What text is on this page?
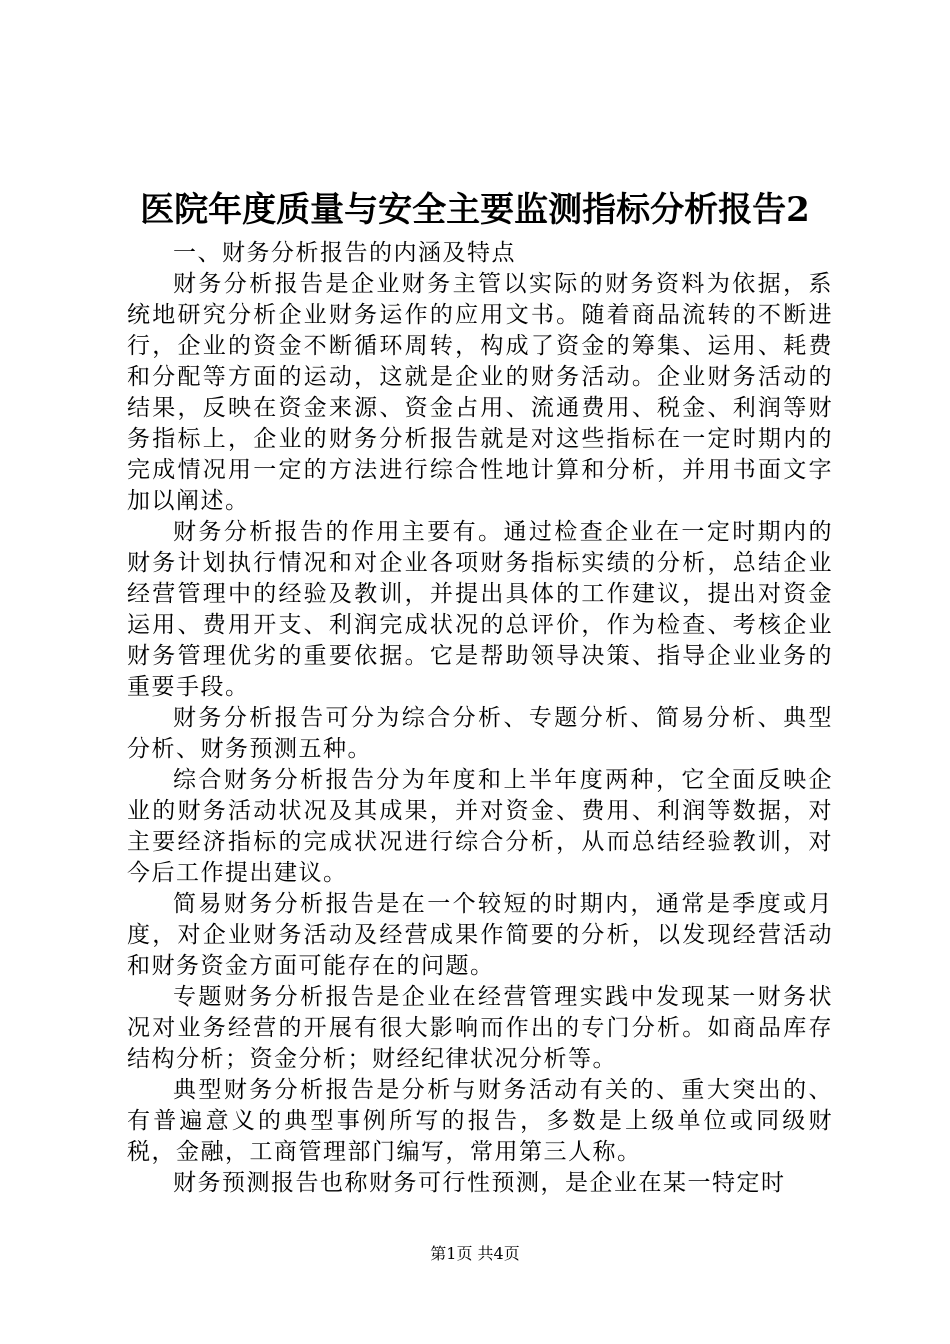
医院年度质量与安全主要监测指标分析报告2

一、财务分析报告的内涵及特点

财务分析报告是企业财务主管以实际的财务资料为依据，系统地研究分析企业财务运作的应用文书。随着商品流转的不断进行，企业的资金不断循环周转，构成了资金的筹集、运用、耗费和分配等方面的运动，这就是企业的财务活动。企业财务活动的结果，反映在资金来源、资金占用、流通费用、税金、利润等财务指标上，企业的财务分析报告就是对这些指标在一定时期内的完成情况用一定的方法进行综合性地计算和分析，并用书面文字加以阐述。

财务分析报告的作用主要有。通过检查企业在一定时期内的财务计划执行情况和对企业各项财务指标实绩的分析，总结企业经营管理中的经验及教训，并提出具体的工作建议，提出对资金运用、费用开支、利润完成状况的总评价，作为检查、考核企业财务管理优劣的重要依据。它是帮助领导决策、指导企业业务的重要手段。

财务分析报告可分为综合分析、专题分析、简易分析、典型分析、财务预测五种。

综合财务分析报告分为年度和上半年度两种，它全面反映企业的财务活动状况及其成果，并对资金、费用、利润等数据，对主要经济指标的完成状况进行综合分析，从而总结经验教训，对今后工作提出建议。

简易财务分析报告是在一个较短的时期内，通常是季度或月度，对企业财务活动及经营成果作简要的分析，以发现经营活动和财务资金方面可能存在的问题。

专题财务分析报告是企业在经营管理实践中发现某一财务状况对业务经营的开展有很大影响而作出的专门分析。如商品库存结构分析；资金分析；财经纪律状况分析等。

典型财务分析报告是分析与财务活动有关的、重大突出的、有普遍意义的典型事例所写的报告，多数是上级单位或同级财税，金融，工商管理部门编写，常用第三人称。

财务预测报告也称财务可行性预测，是企业在某一特定时

第1页 共4页
